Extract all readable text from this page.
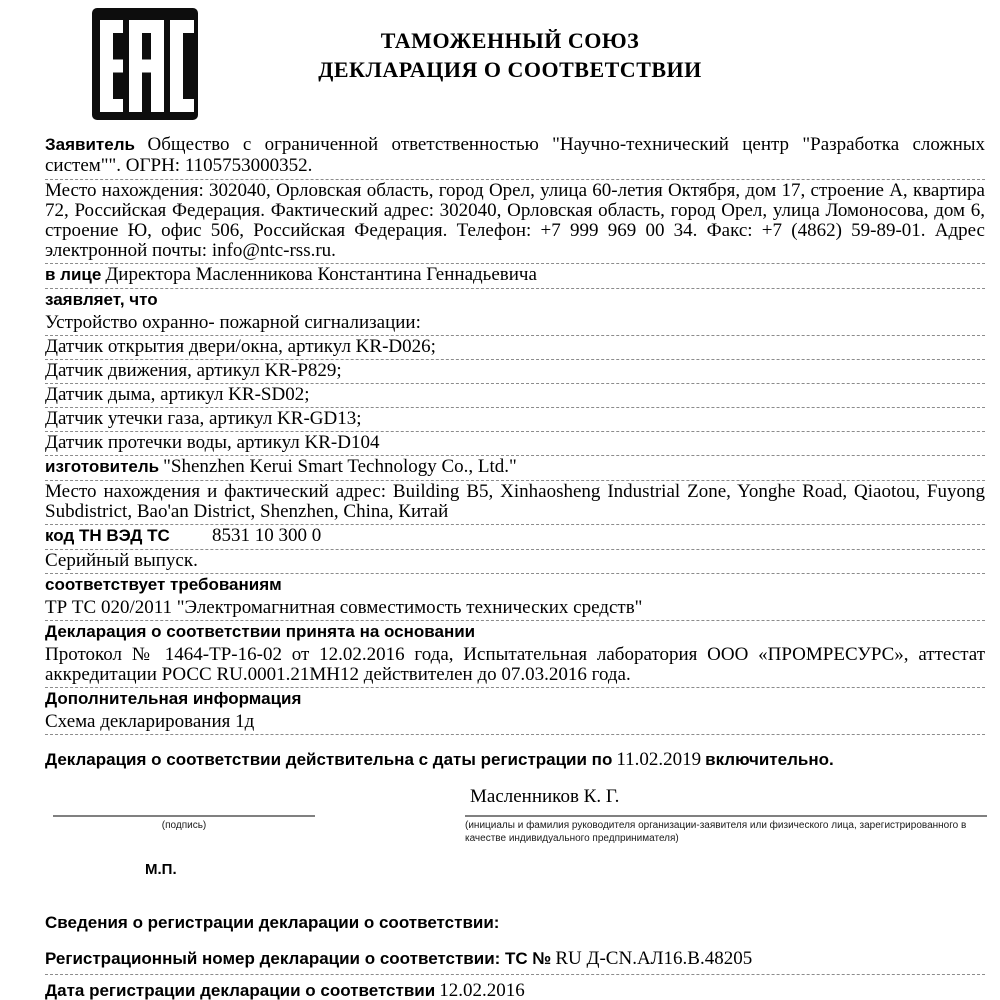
ТАМОЖЕННЫЙ СОЮЗ
ДЕКЛАРАЦИЯ О СООТВЕТСТВИИ
Заявитель Общество с ограниченной ответственностью "Научно-технический центр "Разработка сложных систем"". ОГРН: 1105753000352.
Место нахождения: 302040, Орловская область, город Орел, улица 60-летия Октября, дом 17, строение А, квартира 72, Российская Федерация. Фактический адрес: 302040, Орловская область, город Орел, улица Ломоносова, дом 6, строение Ю, офис 506, Российская Федерация. Телефон: +7 999 969 00 34. Факс: +7 (4862) 59-89-01. Адрес электронной почты: info@ntc-rss.ru.
в лице Директора Масленникова Константина Геннадьевича
заявляет, что
Устройство охранно- пожарной сигнализации:
Датчик открытия двери/окна, артикул KR-D026;
Датчик движения, артикул KR-P829;
Датчик дыма, артикул KR-SD02;
Датчик утечки газа, артикул KR-GD13;
Датчик протечки воды, артикул KR-D104
изготовитель "Shenzhen Kerui Smart Technology Co., Ltd."
Место нахождения и фактический адрес: Building B5, Xinhaosheng Industrial Zone, Yonghe Road, Qiaotou, Fuyong Subdistrict, Bao'an District, Shenzhen, China, Китай
код ТН ВЭД ТС 8531 10 300 0
Серийный выпуск.
соответствует требованиям
ТР ТС 020/2011 "Электромагнитная совместимость технических средств"
Декларация о соответствии принята на основании
Протокол № 1464-ТР-16-02 от 12.02.2016 года, Испытательная лаборатория ООО «ПРОМРЕСУРС», аттестат аккредитации РОСС RU.0001.21МН12 действителен до 07.03.2016 года.
Дополнительная информация
Схема декларирования 1д
Декларация о соответствии действительна с даты регистрации по 11.02.2019 включительно.
Масленников К. Г.
(подпись)	(инициалы и фамилия руководителя организации-заявителя или физического лица, зарегистрированного в качестве индивидуального предпринимателя)
М.П.
Сведения о регистрации декларации о соответствии:
Регистрационный номер декларации о соответствии: ТС № RU Д-CN.АЛ16.В.48205
Дата регистрации декларации о соответствии 12.02.2016
